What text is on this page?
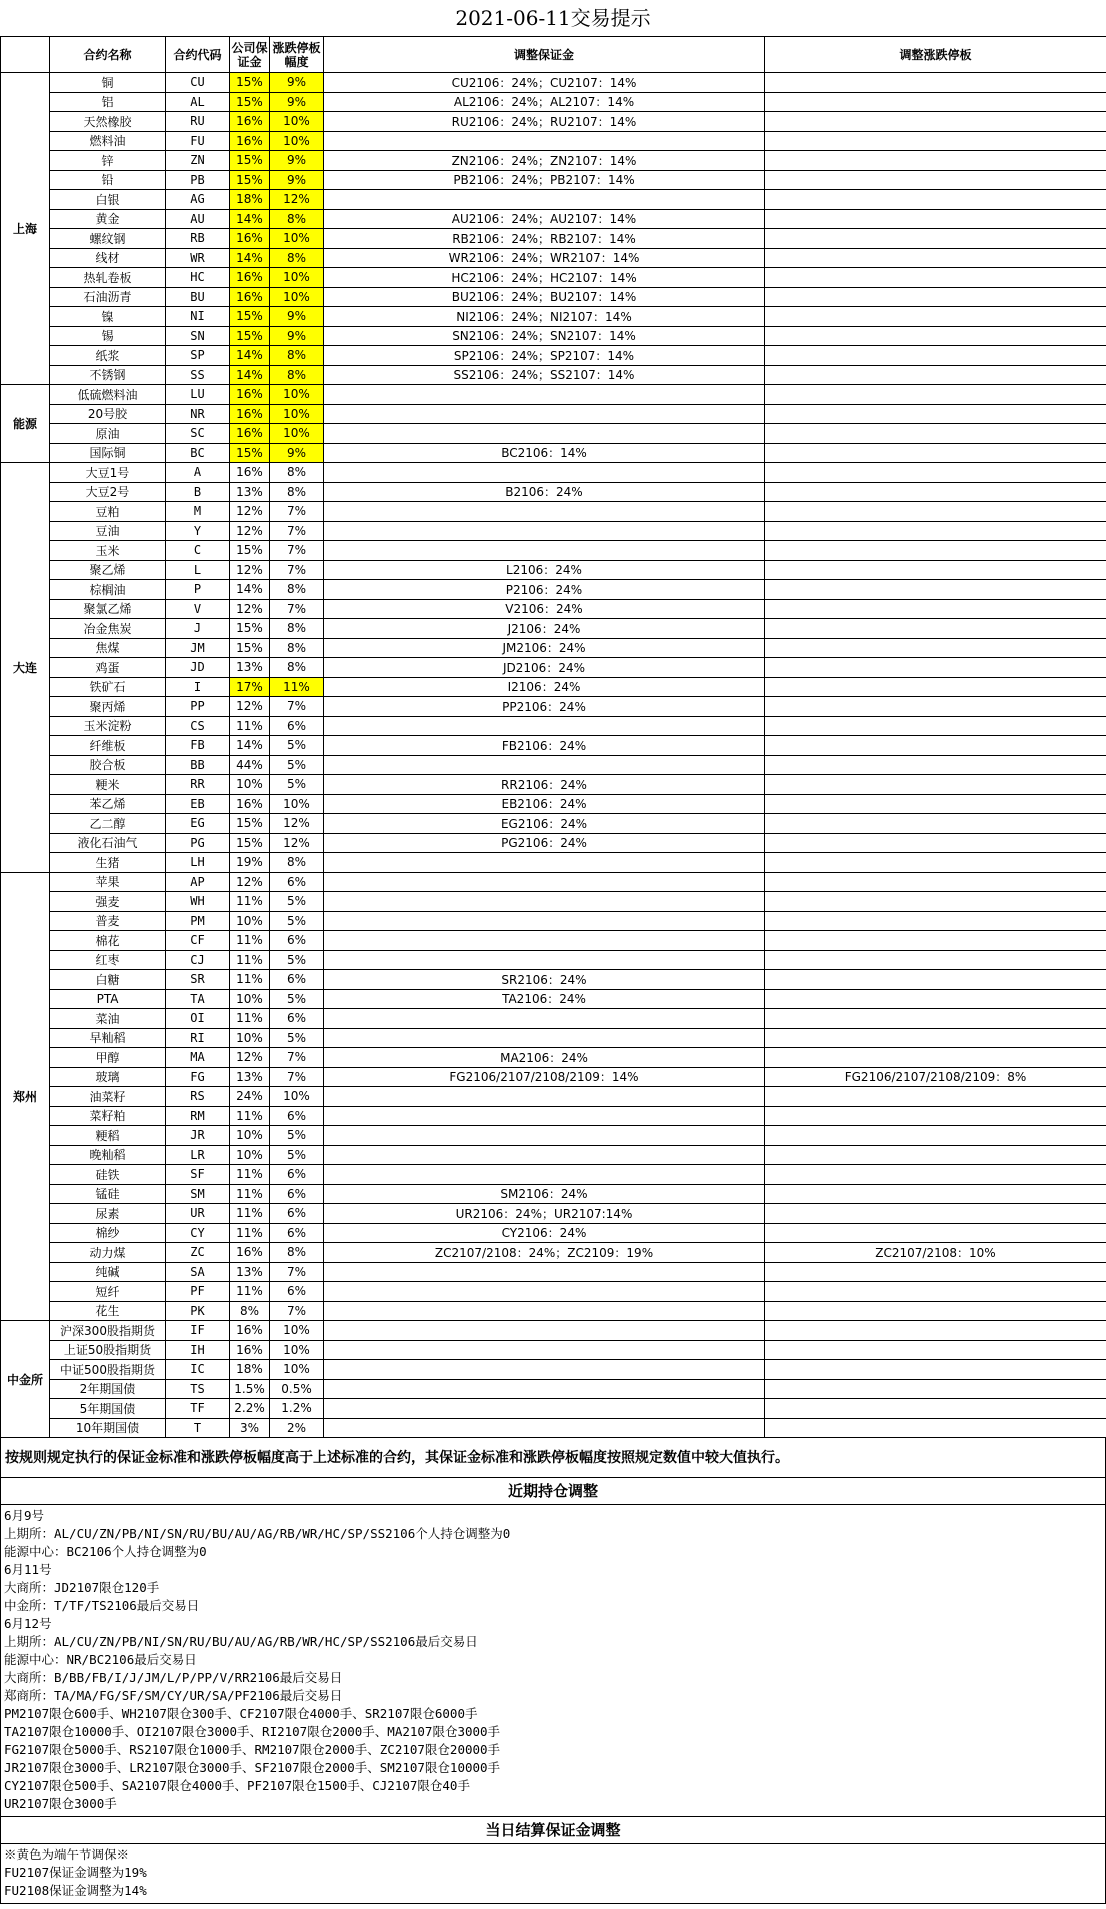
2021-06-11交易提示
	合约名称	合约代码	公司保证金	涨跌停板幅度	调整保证金	调整涨跌停板
上海	铜	CU	15%	9%	CU2106：24%；CU2107：14%	
	铝	AL	15%	9%	AL2106：24%；AL2107：14%	
	天然橡胶	RU	16%	10%	RU2106：24%；RU2107：14%	
	燃料油	FU	16%	10%		
	锌	ZN	15%	9%	ZN2106：24%；ZN2107：14%	
	铅	PB	15%	9%	PB2106：24%；PB2107：14%	
	白银	AG	18%	12%		
	黄金	AU	14%	8%	AU2106：24%；AU2107：14%	
	螺纹钢	RB	16%	10%	RB2106：24%；RB2107：14%	
	线材	WR	14%	8%	WR2106：24%；WR2107：14%	
	热轧卷板	HC	16%	10%	HC2106：24%；HC2107：14%	
	石油沥青	BU	16%	10%	BU2106：24%；BU2107：14%	
	镍	NI	15%	9%	NI2106：24%；NI2107：14%	
	锡	SN	15%	9%	SN2106：24%；SN2107：14%	
	纸浆	SP	14%	8%	SP2106：24%；SP2107：14%	
	不锈钢	SS	14%	8%	SS2106：24%；SS2107：14%	
能源	低硫燃料油	LU	16%	10%		
	20号胶	NR	16%	10%		
	原油	SC	16%	10%		
	国际铜	BC	15%	9%	BC2106：14%	
大连	大豆1号	A	16%	8%		
	大豆2号	B	13%	8%	B2106：24%	
	豆粕	M	12%	7%		
	豆油	Y	12%	7%		
	玉米	C	15%	7%		
	聚乙烯	L	12%	7%	L2106：24%	
	棕榈油	P	14%	8%	P2106：24%	
	聚氯乙烯	V	12%	7%	V2106：24%	
	冶金焦炭	J	15%	8%	J2106：24%	
	焦煤	JM	15%	8%	JM2106：24%	
	鸡蛋	JD	13%	8%	JD2106：24%	
	铁矿石	I	17%	11%	I2106：24%	
	聚丙烯	PP	12%	7%	PP2106：24%	
	玉米淀粉	CS	11%	6%		
	纤维板	FB	14%	5%	FB2106：24%	
	胶合板	BB	44%	5%		
	粳米	RR	10%	5%	RR2106：24%	
	苯乙烯	EB	16%	10%	EB2106：24%	
	乙二醇	EG	15%	12%	EG2106：24%	
	液化石油气	PG	15%	12%	PG2106：24%	
	生猪	LH	19%	8%		
郑州	苹果	AP	12%	6%		
	强麦	WH	11%	5%		
	普麦	PM	10%	5%		
	棉花	CF	11%	6%		
	红枣	CJ	11%	5%		
	白糖	SR	11%	6%	SR2106：24%	
	PTA	TA	10%	5%	TA2106：24%	
	菜油	OI	11%	6%		
	早籼稻	RI	10%	5%		
	甲醇	MA	12%	7%	MA2106：24%	
	玻璃	FG	13%	7%	FG2106/2107/2108/2109：14%	FG2106/2107/2108/2109：8%
	油菜籽	RS	24%	10%		
	菜籽粕	RM	11%	6%		
	粳稻	JR	10%	5%		
	晚籼稻	LR	10%	5%		
	硅铁	SF	11%	6%		
	锰硅	SM	11%	6%	SM2106：24%	
	尿素	UR	11%	6%	UR2106：24%；UR2107:14%	
	棉纱	CY	11%	6%	CY2106：24%	
	动力煤	ZC	16%	8%	ZC2107/2108：24%；ZC2109：19%	ZC2107/2108：10%
	纯碱	SA	13%	7%		
	短纤	PF	11%	6%		
	花生	PK	8%	7%		
中金所	沪深300股指期货	IF	16%	10%		
	上证50股指期货	IH	16%	10%		
	中证500股指期货	IC	18%	10%		
	2年期国债	TS	1.5%	0.5%		
	5年期国债	TF	2.2%	1.2%		
	10年期国债	T	3%	2%		
按规则规定执行的保证金标准和涨跌停板幅度高于上述标准的合约，其保证金标准和涨跌停板幅度按照规定数值中较大值执行。
近期持仓调整
6月9号
上期所：AL/CU/ZN/PB/NI/SN/RU/BU/AU/AG/RB/WR/HC/SP/SS2106个人持仓调整为0
能源中心：BC2106个人持仓调整为0
6月11号
大商所：JD2107限仓120手
中金所：T/TF/TS2106最后交易日
6月12号
上期所：AL/CU/ZN/PB/NI/SN/RU/BU/AU/AG/RB/WR/HC/SP/SS2106最后交易日
能源中心：NR/BC2106最后交易日
大商所：B/BB/FB/I/J/JM/L/P/PP/V/RR2106最后交易日
郑商所：TA/MA/FG/SF/SM/CY/UR/SA/PF2106最后交易日
PM2107限仓600手、WH2107限仓300手、CF2107限仓4000手、SR2107限仓6000手
TA2107限仓10000手、OI2107限仓3000手、RI2107限仓2000手、MA2107限仓3000手
FG2107限仓5000手、RS2107限仓1000手、RM2107限仓2000手、ZC2107限仓20000手
JR2107限仓3000手、LR2107限仓3000手、SF2107限仓2000手、SM2107限仓10000手
CY2107限仓500手、SA2107限仓4000手、PF2107限仓1500手、CJ2107限仓40手
UR2107限仓3000手
当日结算保证金调整
※黄色为端午节调保※
FU2107保证金调整为19%
FU2108保证金调整为14%
